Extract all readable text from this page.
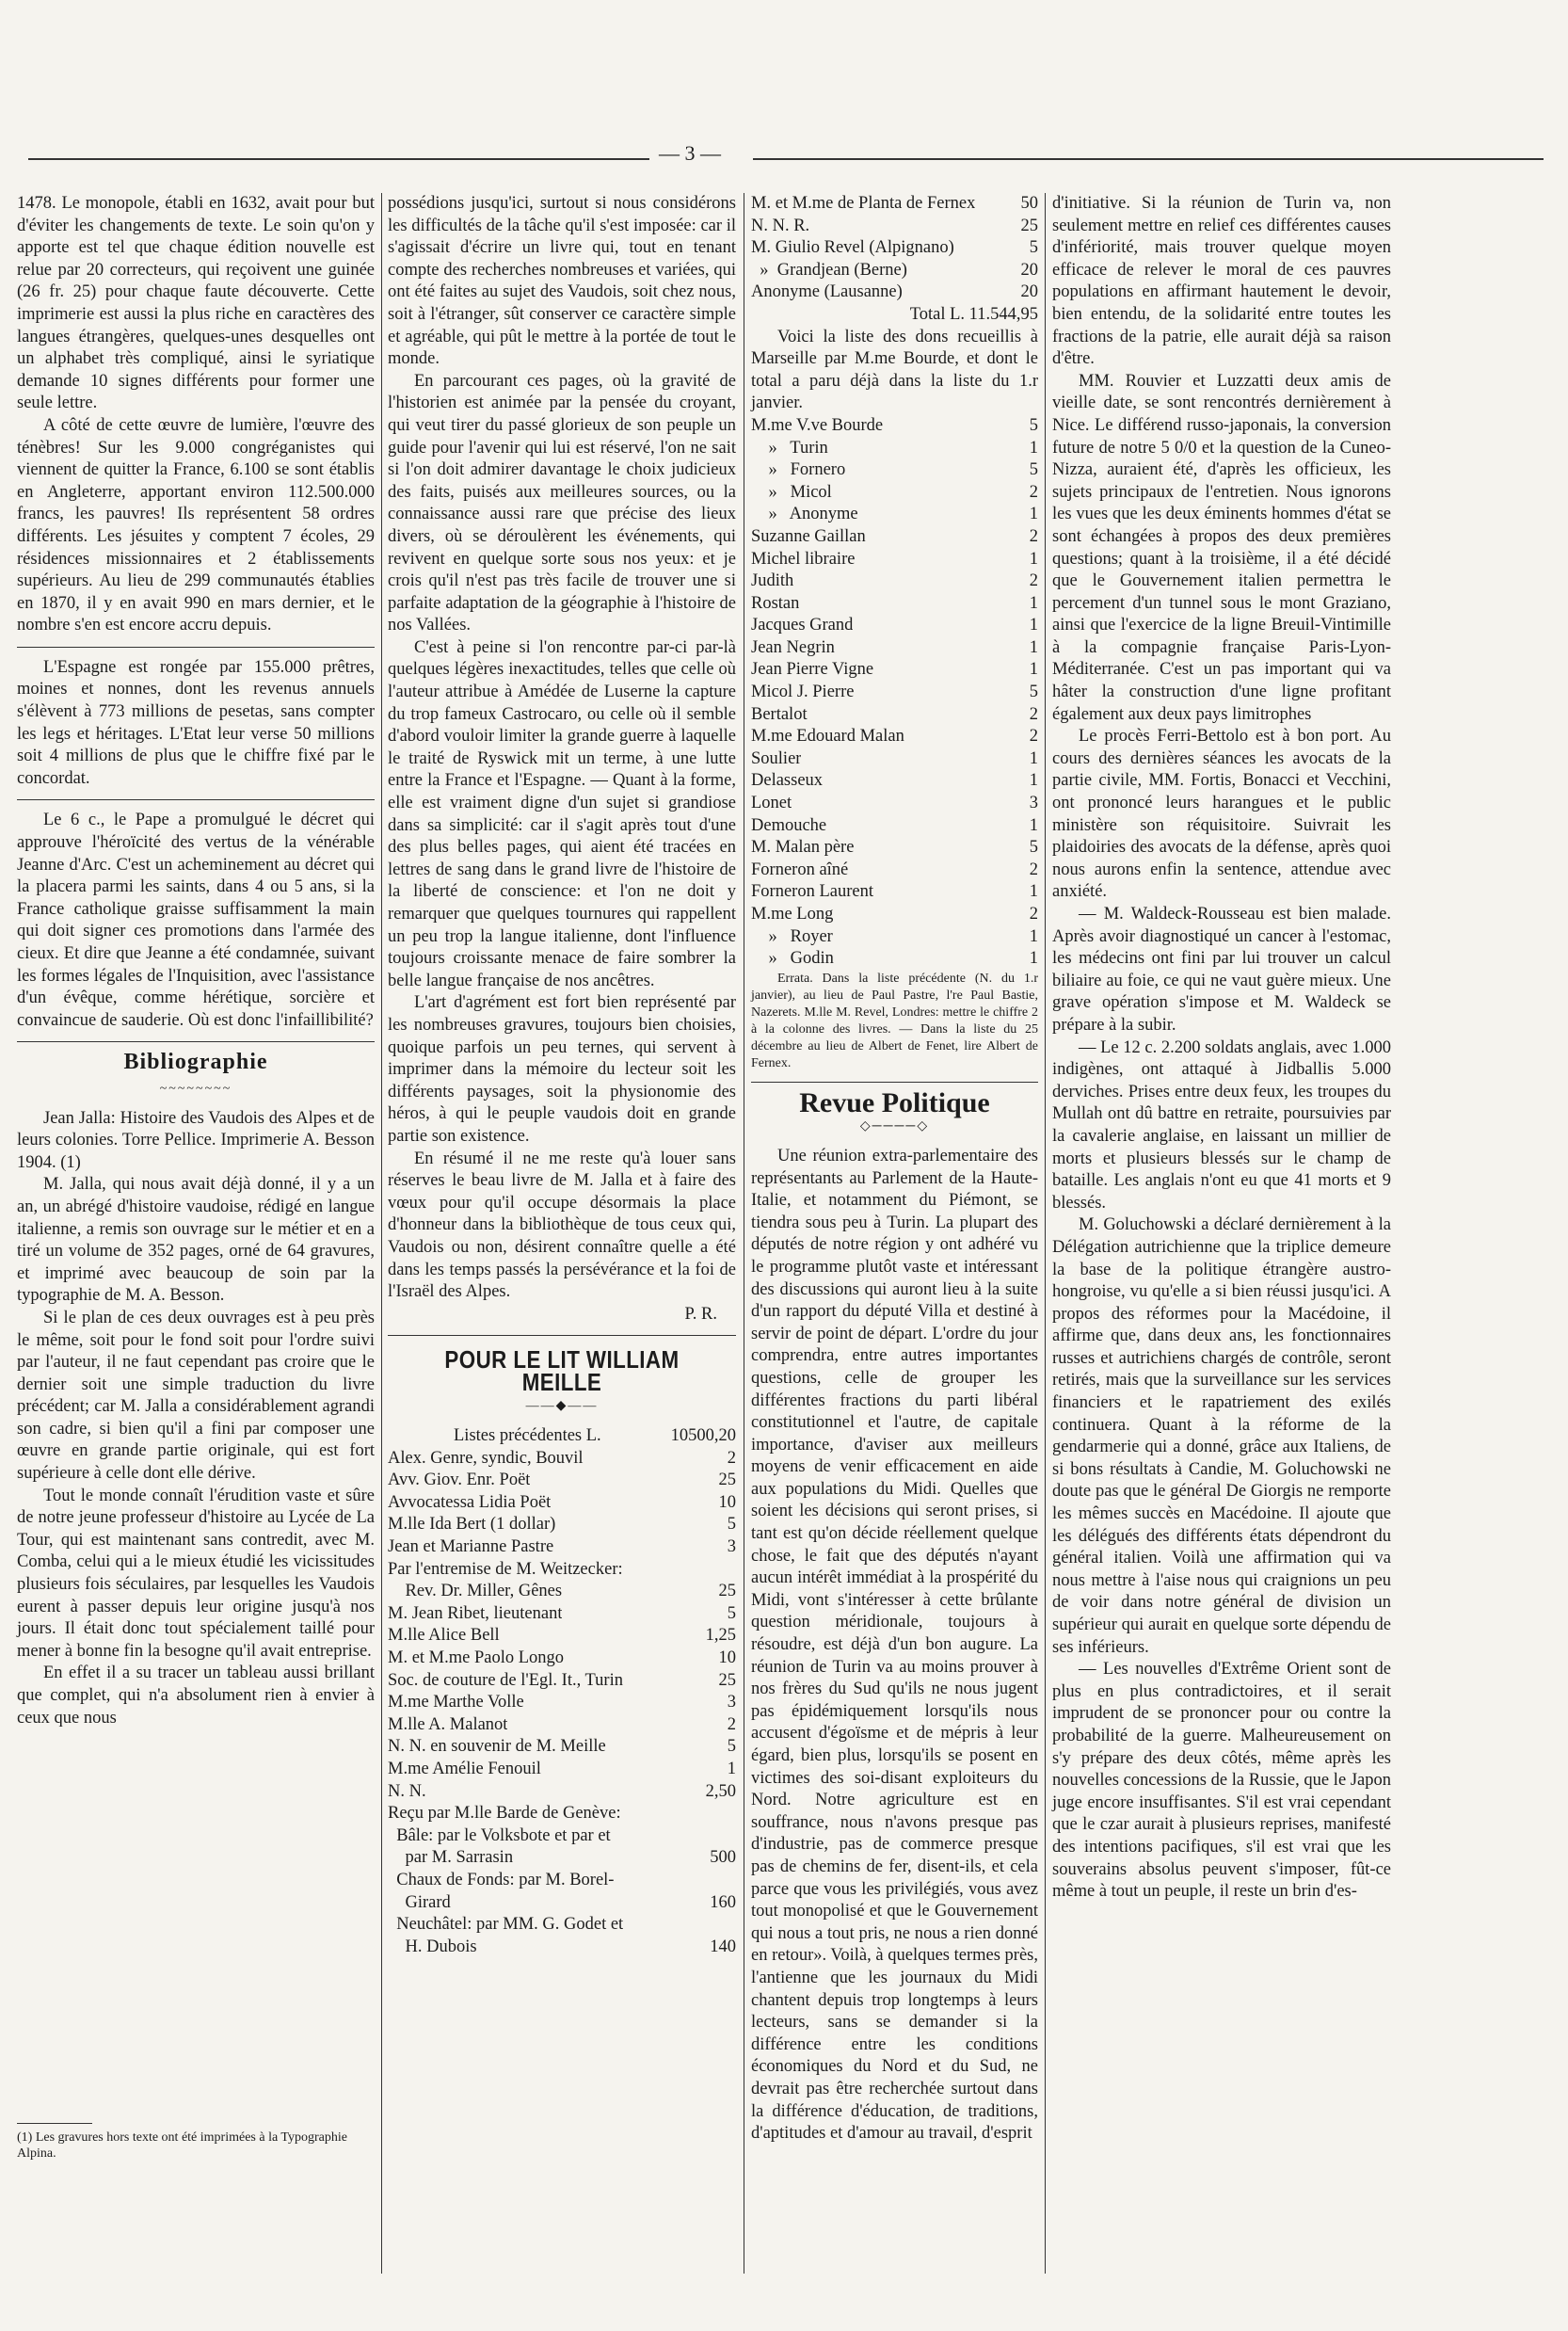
— 3 —

1478. Le monopole, établi en 1632, avait pour but d'éviter les changements de texte. Le soin qu'on y apporte est tel que chaque édition nouvelle est relue par 20 correcteurs, qui reçoivent une guinée (26 fr. 25) pour chaque faute découverte. Cette imprimerie est aussi la plus riche en caractères des langues étrangères, quelques-unes desquelles ont un alphabet très compliqué, ainsi le syriatique demande 10 signes différents pour former une seule lettre.

A côté de cette œuvre de lumière, l'œuvre des ténèbres! Sur les 9.000 congréganistes qui viennent de quitter la France, 6.100 se sont établis en Angleterre, apportant environ 112.500.000 francs, les pauvres! Ils représentent 58 ordres différents. Les jésuites y comptent 7 écoles, 29 résidences missionnaires et 2 établissements supérieurs. Au lieu de 299 communautés établies en 1870, il y en avait 990 en mars dernier, et le nombre s'en est encore accru depuis.

L'Espagne est rongée par 155.000 prêtres, moines et nonnes, dont les revenus annuels s'élèvent à 773 millions de pesetas, sans compter les legs et héritages. L'Etat leur verse 50 millions soit 4 millions de plus que le chiffre fixé par le concordat.

Le 6 c., le Pape a promulgué le décret qui approuve l'héroïcité des vertus de la vénérable Jeanne d'Arc. C'est un acheminement au décret qui la placera parmi les saints, dans 4 ou 5 ans, si la France catholique graisse suffisamment la main qui doit signer ces promotions dans l'armée des cieux. Et dire que Jeanne a été condamnée, suivant les formes légales de l'Inquisition, avec l'assistance d'un évêque, comme hérétique, sorcière et convaincue de sauderie. Où est donc l'infaillibilité?

Bibliographie
~~~~~~~~

Jean Jalla: Histoire des Vaudois des Alpes et de leurs colonies. Torre Pellice. Imprimerie A. Besson 1904. (1)

M. Jalla, qui nous avait déjà donné, il y a un an, un abrégé d'histoire vaudoise, rédigé en langue italienne, a remis son ouvrage sur le métier et en a tiré un volume de 352 pages, orné de 64 gravures, et imprimé avec beaucoup de soin par la typographie de M. A. Besson.

Si le plan de ces deux ouvrages est à peu près le même, soit pour le fond soit pour l'ordre suivi par l'auteur, il ne faut cependant pas croire que le dernier soit une simple traduction du livre précédent; car M. Jalla a considérablement agrandi son cadre, si bien qu'il a fini par composer une œuvre en grande partie originale, qui est fort supérieure à celle dont elle dérive.

Tout le monde connaît l'érudition vaste et sûre de notre jeune professeur d'histoire au Lycée de La Tour, qui est maintenant sans contredit, avec M. Comba, celui qui a le mieux étudié les vicissitudes plusieurs fois séculaires, par lesquelles les Vaudois eurent à passer depuis leur origine jusqu'à nos jours. Il était donc tout spécialement taillé pour mener à bonne fin la besogne qu'il avait entreprise.

En effet il a su tracer un tableau aussi brillant que complet, qui n'a absolument rien à envier à ceux que nous

(1) Les gravures hors texte ont été imprimées à la Typographie Alpina.

possédions jusqu'ici, surtout si nous considérons les difficultés de la tâche qu'il s'est imposée: car il s'agissait d'écrire un livre qui, tout en tenant compte des recherches nombreuses et variées, qui ont été faites au sujet des Vaudois, soit chez nous, soit à l'étranger, sût conserver ce caractère simple et agréable, qui pût le mettre à la portée de tout le monde.

En parcourant ces pages, où la gravité de l'historien est animée par la pensée du croyant, qui veut tirer du passé glorieux de son peuple un guide pour l'avenir qui lui est réservé, l'on ne sait si l'on doit admirer davantage le choix judicieux des faits, puisés aux meilleures sources, ou la connaissance aussi rare que précise des lieux divers, où se déroulèrent les événements, qui revivent en quelque sorte sous nos yeux: et je crois qu'il n'est pas très facile de trouver une si parfaite adaptation de la géographie à l'histoire de nos Vallées.

C'est à peine si l'on rencontre par-ci par-là quelques légères inexactitudes, telles que celle où l'auteur attribue à Amédée de Luserne la capture du trop fameux Castrocaro, ou celle où il semble d'abord vouloir limiter la grande guerre à laquelle le traité de Ryswick mit un terme, à une lutte entre la France et l'Espagne. — Quant à la forme, elle est vraiment digne d'un sujet si grandiose dans sa simplicité: car il s'agit après tout d'une des plus belles pages, qui aient été tracées en lettres de sang dans le grand livre de l'histoire de la liberté de conscience: et l'on ne doit y remarquer que quelques tournures qui rappellent un peu trop la langue italienne, dont l'influence toujours croissante menace de faire sombrer la belle langue française de nos ancêtres.

L'art d'agrément est fort bien représenté par les nombreuses gravures, toujours bien choisies, quoique parfois un peu ternes, qui servent à imprimer dans la mémoire du lecteur soit les différents paysages, soit la physionomie des héros, à qui le peuple vaudois doit en grande partie son existence.

En résumé il ne me reste qu'à louer sans réserves le beau livre de M. Jalla et à faire des vœux pour qu'il occupe désormais la place d'honneur dans la bibliothèque de tous ceux qui, Vaudois ou non, désirent connaître quelle a été dans les temps passés la persévérance et la foi de l'Israël des Alpes.

P. R.
POUR LE LIT WILLIAM MEILLE
——◆——
Listes précédentes L.	10500,20
Alex. Genre, syndic, Bouvil	2
Avv. Giov. Enr. Poët	25
Avvocatessa Lidia Poët	10
M.lle Ida Bert (1 dollar)	5
Jean et Marianne Pastre	3
Par l'entremise de M. Weitzecker:
Rev. Dr. Miller, Gênes	25
M. Jean Ribet, lieutenant	5
M.lle Alice Bell	1,25
M. et M.me Paolo Longo	10
Soc. de couture de l'Egl. It., Turin	25
M.me Marthe Volle	3
M.lle A. Malanot	2
N. N. en souvenir de M. Meille	5
M.me Amélie Fenouil	1
N. N.	2,50
Reçu par M.lle Barde de Genève:
Bâle: par le Volksbote et par et
par M. Sarrasin	500
Chaux de Fonds: par M. Borel-
Girard	160
Neuchâtel: par MM. G. Godet et
H. Dubois	140
M. et M.me de Planta de Fernex	50
N. N. R.	25
M. Giulio Revel (Alpignano)	5
»  Grandjean (Berne)	20
Anonyme (Lausanne)	20
Total L. 11.544,95

Voici la liste des dons recueillis à Marseille par M.me Bourde, et dont le total a paru déjà dans la liste du 1.r janvier.

M.me V.ve Bourde	5
»   Turin	1
»   Fornero	5
»   Micol	2
»   Anonyme	1
Suzanne Gaillan	2
Michel libraire	1
Judith	2
Rostan	1
Jacques Grand	1
Jean Negrin	1
Jean Pierre Vigne	1
Micol J. Pierre	5
Bertalot	2
M.me Edouard Malan	2
Soulier	1
Delasseux	1
Lonet	3
Demouche	1
M. Malan père	5
Forneron aîné	2
Forneron Laurent	1
M.me Long	2
»   Royer	1
»   Godin	1

Errata. Dans la liste précédente (N. du 1.r janvier), au lieu de Paul Pastre, l're Paul Bastie, Nazerets. M.lle M. Revel, Londres: mettre le chiffre 2 à la colonne des livres. — Dans la liste du 25 décembre au lieu de Albert de Fenet, lire Albert de Fernex.

Revue Politique
◇────◇

Une réunion extra-parlementaire des représentants au Parlement de la Haute-Italie, et notamment du Piémont, se tiendra sous peu à Turin. La plupart des députés de notre région y ont adhéré vu le programme plutôt vaste et intéressant des discussions qui auront lieu à la suite d'un rapport du député Villa et destiné à servir de point de départ. L'ordre du jour comprendra, entre autres importantes questions, celle de grouper les différentes fractions du parti libéral constitutionnel et l'autre, de capitale importance, d'aviser aux meilleurs moyens de venir efficacement en aide aux populations du Midi. Quelles que soient les décisions qui seront prises, si tant est qu'on décide réellement quelque chose, le fait que des députés n'ayant aucun intérêt immédiat à la prospérité du Midi, vont s'intéresser à cette brûlante question méridionale, toujours à résoudre, est déjà d'un bon augure. La réunion de Turin va au moins prouver à nos frères du Sud qu'ils ne nous jugent pas épidémiquement lorsqu'ils nous accusent d'égoïsme et de mépris à leur égard, bien plus, lorsqu'ils se posent en victimes des soi-disant exploiteurs du Nord. Notre agriculture est en souffrance, nous n'avons presque pas d'industrie, pas de commerce presque pas de chemins de fer, disent-ils, et cela parce que vous les privilégiés, vous avez tout monopolisé et que le Gouvernement qui nous a tout pris, ne nous a rien donné en retour». Voilà, à quelques termes près, l'antienne que les journaux du Midi chantent depuis trop longtemps à leurs lecteurs, sans se demander si la différence entre les conditions économiques du Nord et du Sud, ne devrait pas être recherchée surtout dans la différence d'éducation, de traditions, d'aptitudes et d'amour au travail, d'esprit

d'initiative. Si la réunion de Turin va, non seulement mettre en relief ces différentes causes d'infériorité, mais trouver quelque moyen efficace de relever le moral de ces pauvres populations en affirmant hautement le devoir, bien entendu, de la solidarité entre toutes les fractions de la patrie, elle aurait déjà sa raison d'être.

MM. Rouvier et Luzzatti deux amis de vieille date, se sont rencontrés dernièrement à Nice. Le différend russo-japonais, la conversion future de notre 5 0/0 et la question de la Cuneo-Nizza, auraient été, d'après les officieux, les sujets principaux de l'entretien. Nous ignorons les vues que les deux éminents hommes d'état se sont échangées à propos des deux premières questions; quant à la troisième, il a été décidé que le Gouvernement italien permettra le percement d'un tunnel sous le mont Graziano, ainsi que l'exercice de la ligne Breuil-Vintimille à la compagnie française Paris-Lyon-Méditerranée. C'est un pas important qui va hâter la construction d'une ligne profitant également aux deux pays limitrophes

Le procès Ferri-Bettolo est à bon port. Au cours des dernières séances les avocats de la partie civile, MM. Fortis, Bonacci et Vecchini, ont prononcé leurs harangues et le public ministère son réquisitoire. Suivrait les plaidoiries des avocats de la défense, après quoi nous aurons enfin la sentence, attendue avec anxiété.

— M. Waldeck-Rousseau est bien malade. Après avoir diagnostiqué un cancer à l'estomac, les médecins ont fini par lui trouver un calcul biliaire au foie, ce qui ne vaut guère mieux. Une grave opération s'impose et M. Waldeck se prépare à la subir.

— Le 12 c. 2.200 soldats anglais, avec 1.000 indigènes, ont attaqué à Jidballis 5.000 derviches. Prises entre deux feux, les troupes du Mullah ont dû battre en retraite, poursuivies par la cavalerie anglaise, en laissant un millier de morts et plusieurs blessés sur le champ de bataille. Les anglais n'ont eu que 41 morts et 9 blessés.

M. Goluchowski a déclaré dernièrement à la Délégation autrichienne que la triplice demeure la base de la politique étrangère austro-hongroise, vu qu'elle a si bien réussi jusqu'ici. A propos des réformes pour la Macédoine, il affirme que, dans deux ans, les fonctionnaires russes et autrichiens chargés de contrôle, seront retirés, mais que la surveillance sur les services financiers et le rapatriement des exilés continuera. Quant à la réforme de la gendarmerie qui a donné, grâce aux Italiens, de si bons résultats à Candie, M. Goluchowski ne doute pas que le général De Giorgis ne remporte les mêmes succès en Macédoine. Il ajoute que les délégués des différents états dépendront du général italien. Voilà une affirmation qui va nous mettre à l'aise nous qui craignions un peu de voir dans notre général de division un supérieur qui aurait en quelque sorte dépendu de ses inférieurs.

— Les nouvelles d'Extrême Orient sont de plus en plus contradictoires, et il serait imprudent de se prononcer pour ou contre la probabilité de la guerre. Malheureusement on s'y prépare des deux côtés, même après les nouvelles concessions de la Russie, que le Japon juge encore insuffisantes. S'il est vrai cependant que le czar aurait à plusieurs reprises, manifesté des intentions pacifiques, s'il est vrai que les souverains absolus peuvent s'imposer, fût-ce même à tout un peuple, il reste un brin d'es-
